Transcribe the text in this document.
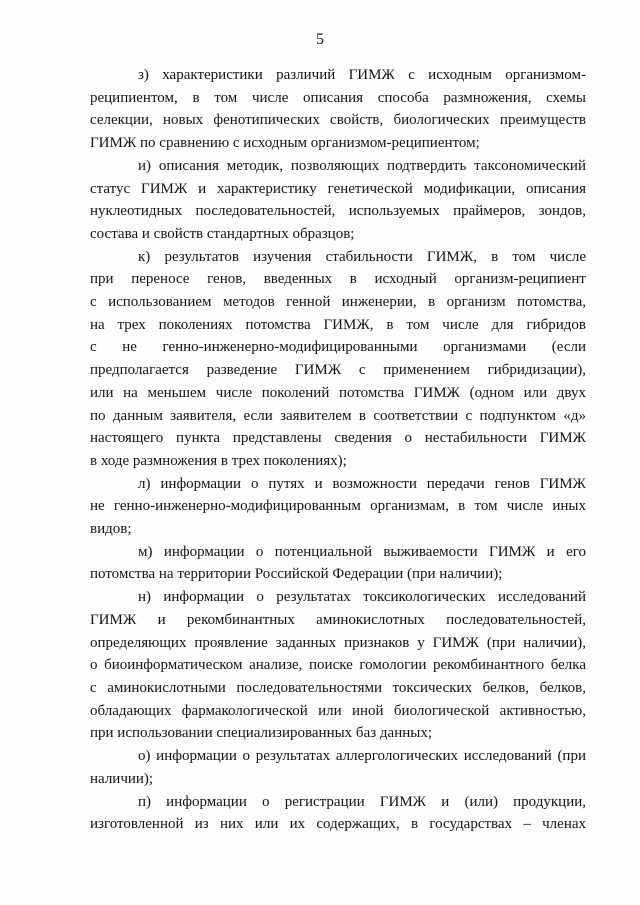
5
з) характеристики различий ГИМЖ с исходным организмом-
реципиентом, в том числе описания способа размножения, схемы
селекции, новых фенотипических свойств, биологических преимуществ
ГИМЖ по сравнению с исходным организмом-реципиентом;
и) описания методик, позволяющих подтвердить таксономический
статус ГИМЖ и характеристику генетической модификации, описания
нуклеотидных последовательностей, используемых праймеров, зондов,
состава и свойств стандартных образцов;
к) результатов изучения стабильности ГИМЖ, в том числе
при переносе генов, введенных в исходный организм-реципиент
с использованием методов генной инженерии, в организм потомства,
на трех поколениях потомства ГИМЖ, в том числе для гибридов
с не генно-инженерно-модифицированными организмами (если
предполагается разведение ГИМЖ с применением гибридизации),
или на меньшем числе поколений потомства ГИМЖ (одном или двух
по данным заявителя, если заявителем в соответствии с подпунктом «д»
настоящего пункта представлены сведения о нестабильности ГИМЖ
в ходе размножения в трех поколениях);
л) информации о путях и возможности передачи генов ГИМЖ
не генно-инженерно-модифицированным организмам, в том числе иных
видов;
м) информации о потенциальной выживаемости ГИМЖ и его
потомства на территории Российской Федерации (при наличии);
н) информации о результатах токсикологических исследований
ГИМЖ и рекомбинантных аминокислотных последовательностей,
определяющих проявление заданных признаков у ГИМЖ (при наличии),
о биоинформатическом анализе, поиске гомологии рекомбинантного белка
с аминокислотными последовательностями токсических белков, белков,
обладающих фармакологической или иной биологической активностью,
при использовании специализированных баз данных;
о) информации о результатах аллергологических исследований (при
наличии);
п) информации о регистрации ГИМЖ и (или) продукции,
изготовленной из них или их содержащих, в государствах – членах
